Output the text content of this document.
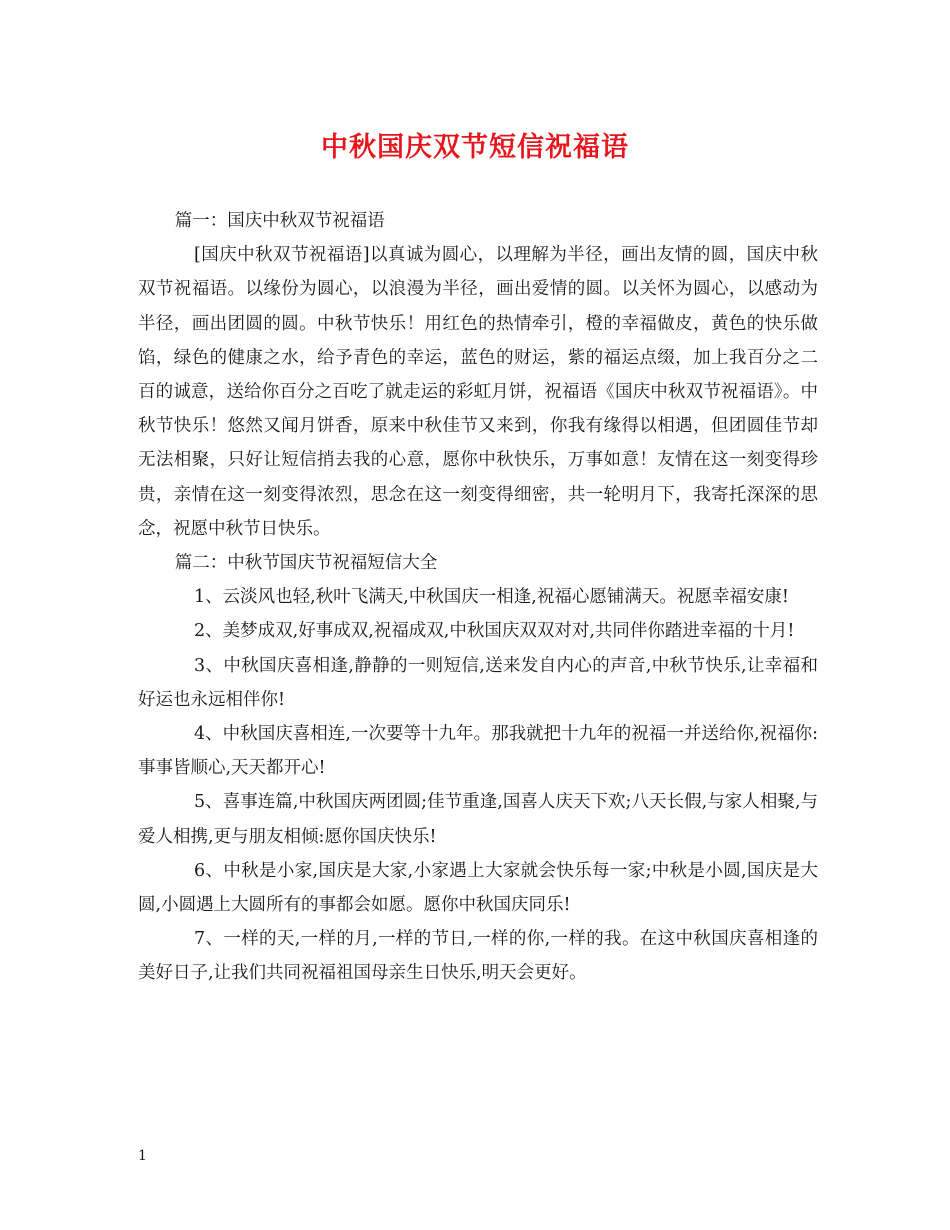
中秋国庆双节短信祝福语

篇一：国庆中秋双节祝福语

[国庆中秋双节祝福语]以真诚为圆心，以理解为半径，画出友情的圆，国庆中秋双节祝福语。以缘份为圆心，以浪漫为半径，画出爱情的圆。以关怀为圆心，以感动为半径，画出团圆的圆。中秋节快乐！用红色的热情牵引，橙的幸福做皮，黄色的快乐做馅，绿色的健康之水，给予青色的幸运，蓝色的财运，紫的福运点缀，加上我百分之二百的诚意，送给你百分之百吃了就走运的彩虹月饼，祝福语《国庆中秋双节祝福语》。中秋节快乐！悠然又闻月饼香，原来中秋佳节又来到，你我有缘得以相遇，但团圆佳节却无法相聚，只好让短信捎去我的心意，愿你中秋快乐，万事如意！友情在这一刻变得珍贵，亲情在这一刻变得浓烈，思念在这一刻变得细密，共一轮明月下，我寄托深深的思念，祝愿中秋节日快乐。

篇二：中秋节国庆节祝福短信大全

1、云淡风也轻,秋叶飞满天,中秋国庆一相逢,祝福心愿铺满天。祝愿幸福安康!

2、美梦成双,好事成双,祝福成双,中秋国庆双双对对,共同伴你踏进幸福的十月!

3、中秋国庆喜相逢,静静的一则短信,送来发自内心的声音,中秋节快乐,让幸福和好运也永远相伴你!

4、中秋国庆喜相连,一次要等十九年。那我就把十九年的祝福一并送给你,祝福你:事事皆顺心,天天都开心!

5、喜事连篇,中秋国庆两团圆;佳节重逢,国喜人庆天下欢;八天长假,与家人相聚,与爱人相携,更与朋友相倾:愿你国庆快乐!

6、中秋是小家,国庆是大家,小家遇上大家就会快乐每一家;中秋是小圆,国庆是大圆,小圆遇上大圆所有的事都会如愿。愿你中秋国庆同乐!

7、一样的天,一样的月,一样的节日,一样的你,一样的我。在这中秋国庆喜相逢的美好日子,让我们共同祝福祖国母亲生日快乐,明天会更好。

1
